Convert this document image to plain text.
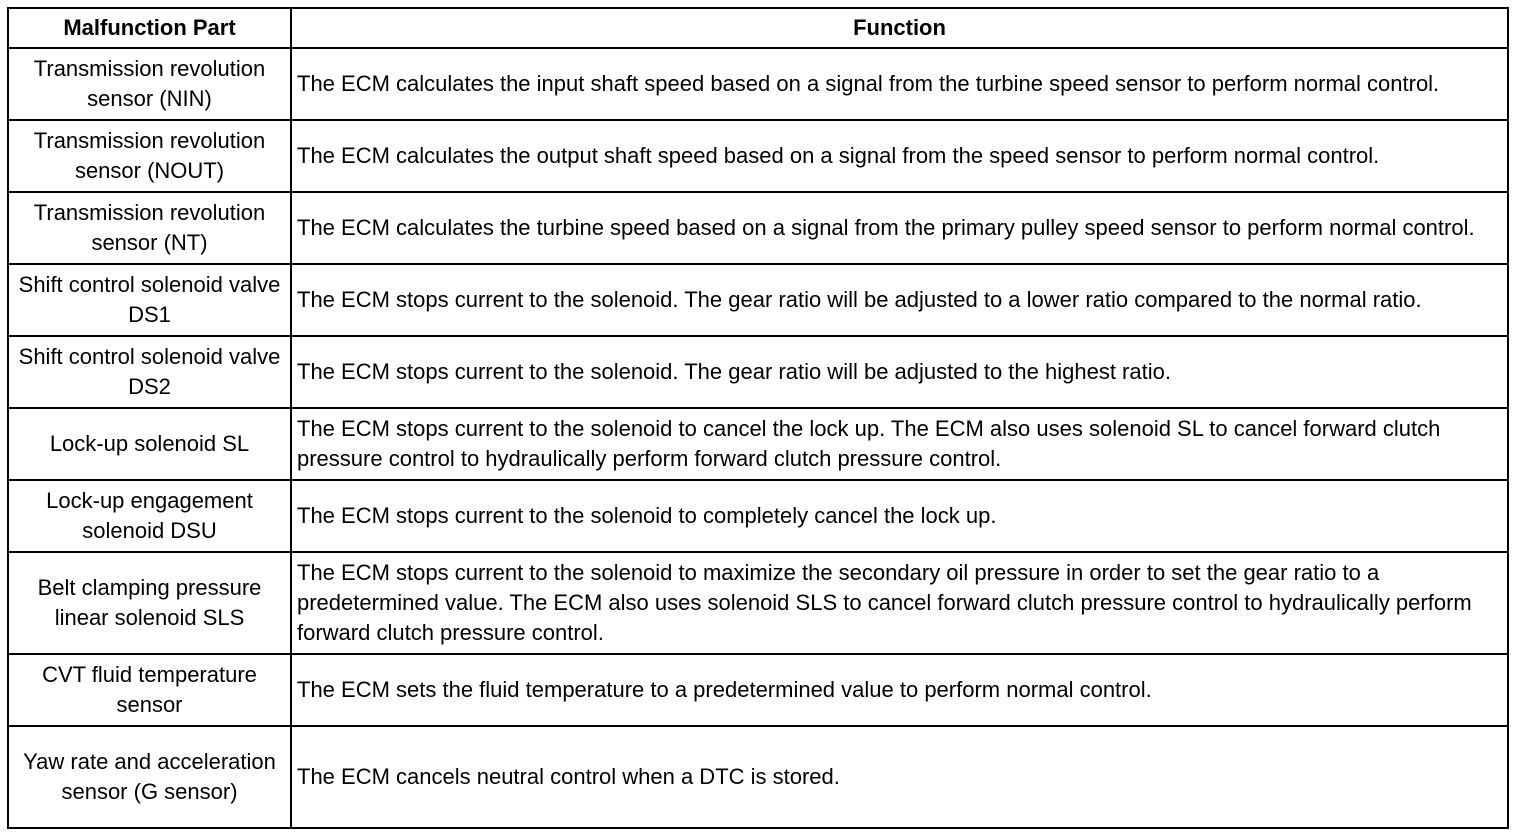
Malfunction Part	Function
Transmission revolution sensor (NIN)	The ECM calculates the input shaft speed based on a signal from the turbine speed sensor to perform normal control.
Transmission revolution sensor (NOUT)	The ECM calculates the output shaft speed based on a signal from the speed sensor to perform normal control.
Transmission revolution sensor (NT)	The ECM calculates the turbine speed based on a signal from the primary pulley speed sensor to perform normal control.
Shift control solenoid valve DS1	The ECM stops current to the solenoid. The gear ratio will be adjusted to a lower ratio compared to the normal ratio.
Shift control solenoid valve DS2	The ECM stops current to the solenoid. The gear ratio will be adjusted to the highest ratio.
Lock-up solenoid SL	The ECM stops current to the solenoid to cancel the lock up. The ECM also uses solenoid SL to cancel forward clutch pressure control to hydraulically perform forward clutch pressure control.
Lock-up engagement solenoid DSU	The ECM stops current to the solenoid to completely cancel the lock up.
Belt clamping pressure linear solenoid SLS	The ECM stops current to the solenoid to maximize the secondary oil pressure in order to set the gear ratio to a predetermined value. The ECM also uses solenoid SLS to cancel forward clutch pressure control to hydraulically perform forward clutch pressure control.
CVT fluid temperature sensor	The ECM sets the fluid temperature to a predetermined value to perform normal control.
Yaw rate and acceleration sensor (G sensor)	The ECM cancels neutral control when a DTC is stored.
